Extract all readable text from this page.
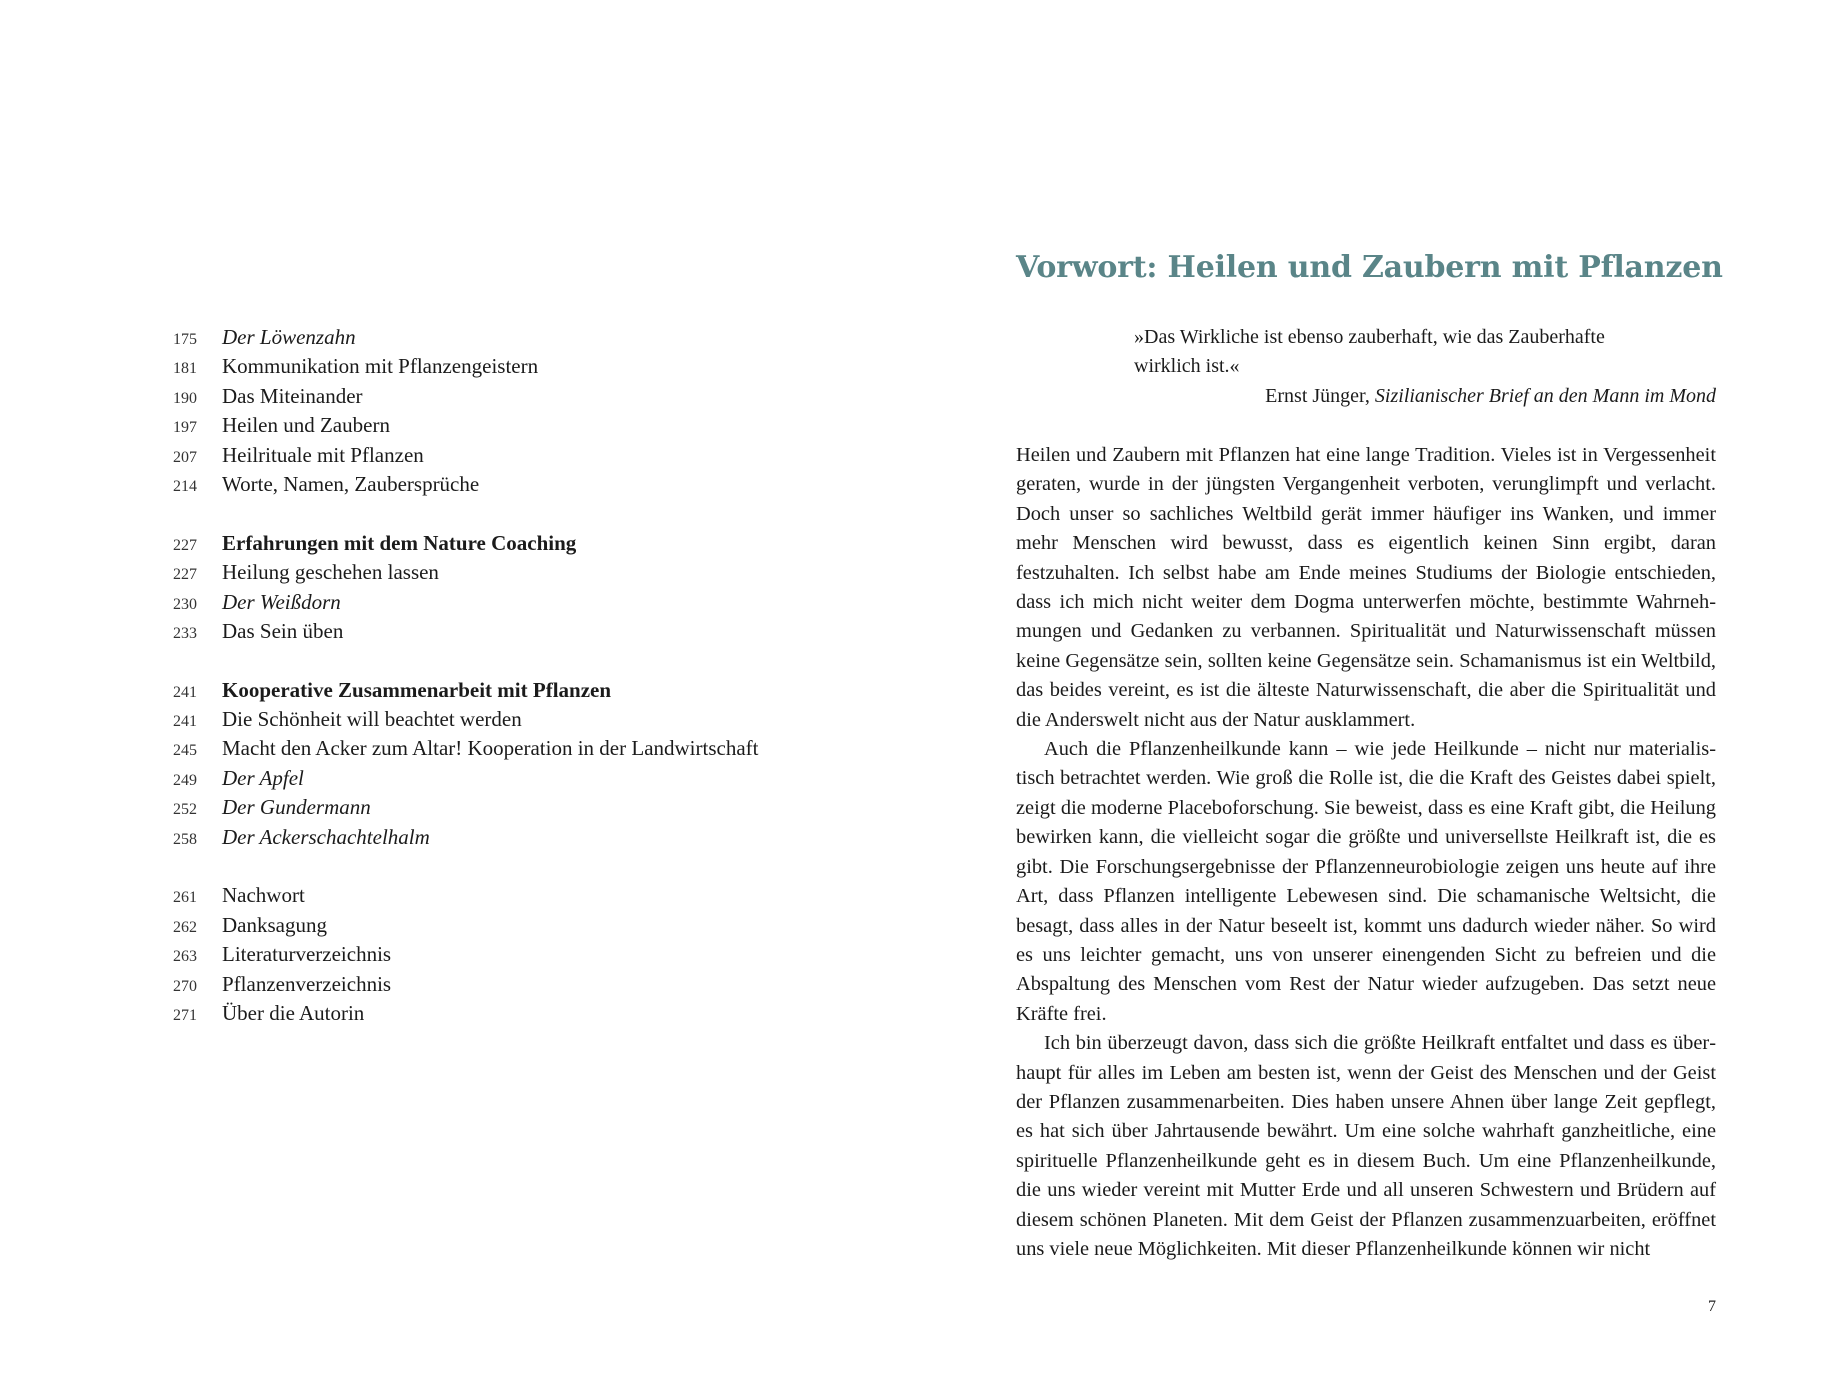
175	Der Löwenzahn
181	Kommunikation mit Pflanzengeistern
190	Das Miteinander
197	Heilen und Zaubern
207	Heilrituale mit Pflanzen
214	Worte, Namen, Zaubersprüche
227	Erfahrungen mit dem Nature Coaching
227	Heilung geschehen lassen
230	Der Weißdorn
233	Das Sein üben
241	Kooperative Zusammenarbeit mit Pflanzen
241	Die Schönheit will beachtet werden
245	Macht den Acker zum Altar! Kooperation in der Landwirtschaft
249	Der Apfel
252	Der Gundermann
258	Der Ackerschachtelhalm
261	Nachwort
262	Danksagung
263	Literaturverzeichnis
270	Pflanzenverzeichnis
271	Über die Autorin
Vorwort: Heilen und Zaubern mit Pflanzen
»Das Wirkliche ist ebenso zauberhaft, wie das Zauberhafte wirklich ist.«
Ernst Jünger, Sizilianischer Brief an den Mann im Mond

Heilen und Zaubern mit Pflanzen hat eine lange Tradition. Vieles ist in Vergessenheit geraten, wurde in der jüngsten Vergangenheit verboten, verunglimpft und verlacht. Doch unser so sachliches Weltbild gerät immer häufiger ins Wanken, und immer mehr Menschen wird bewusst, dass es eigentlich keinen Sinn ergibt, daran festzuhalten. Ich selbst habe am Ende meines Studiums der Biologie entschieden, dass ich mich nicht weiter dem Dogma unterwerfen möchte, bestimmte Wahrnehmungen und Gedanken zu verbannen. Spiritualität und Naturwissenschaft müssen keine Gegensätze sein, sollten keine Gegensätze sein. Schamanismus ist ein Weltbild, das beides vereint, es ist die älteste Naturwissenschaft, die aber die Spiritualität und die Anderswelt nicht aus der Natur ausklammert.

Auch die Pflanzenheilkunde kann – wie jede Heilkunde – nicht nur materialistisch betrachtet werden. Wie groß die Rolle ist, die die Kraft des Geistes dabei spielt, zeigt die moderne Placeboforschung. Sie beweist, dass es eine Kraft gibt, die Heilung bewirken kann, die vielleicht sogar die größte und universellste Heilkraft ist, die es gibt. Die Forschungsergebnisse der Pflanzenneurobiologie zeigen uns heute auf ihre Art, dass Pflanzen intelligente Lebewesen sind. Die schamanische Weltsicht, die besagt, dass alles in der Natur beseelt ist, kommt uns dadurch wieder näher. So wird es uns leichter gemacht, uns von unserer einengenden Sicht zu befreien und die Abspaltung des Menschen vom Rest der Natur wieder aufzugeben. Das setzt neue Kräfte frei.

Ich bin überzeugt davon, dass sich die größte Heilkraft entfaltet und dass es überhaupt für alles im Leben am besten ist, wenn der Geist des Menschen und der Geist der Pflanzen zusammenarbeiten. Dies haben unsere Ahnen über lange Zeit gepflegt, es hat sich über Jahrtausende bewährt. Um eine solche wahrhaft ganzheitliche, eine spirituelle Pflanzenheilkunde geht es in diesem Buch. Um eine Pflanzenheilkunde, die uns wieder vereint mit Mutter Erde und all unseren Schwestern und Brüdern auf diesem schönen Planeten. Mit dem Geist der Pflanzen zusammenzuarbeiten, eröffnet uns viele neue Möglichkeiten. Mit dieser Pflanzenheilkunde können wir nicht

7
